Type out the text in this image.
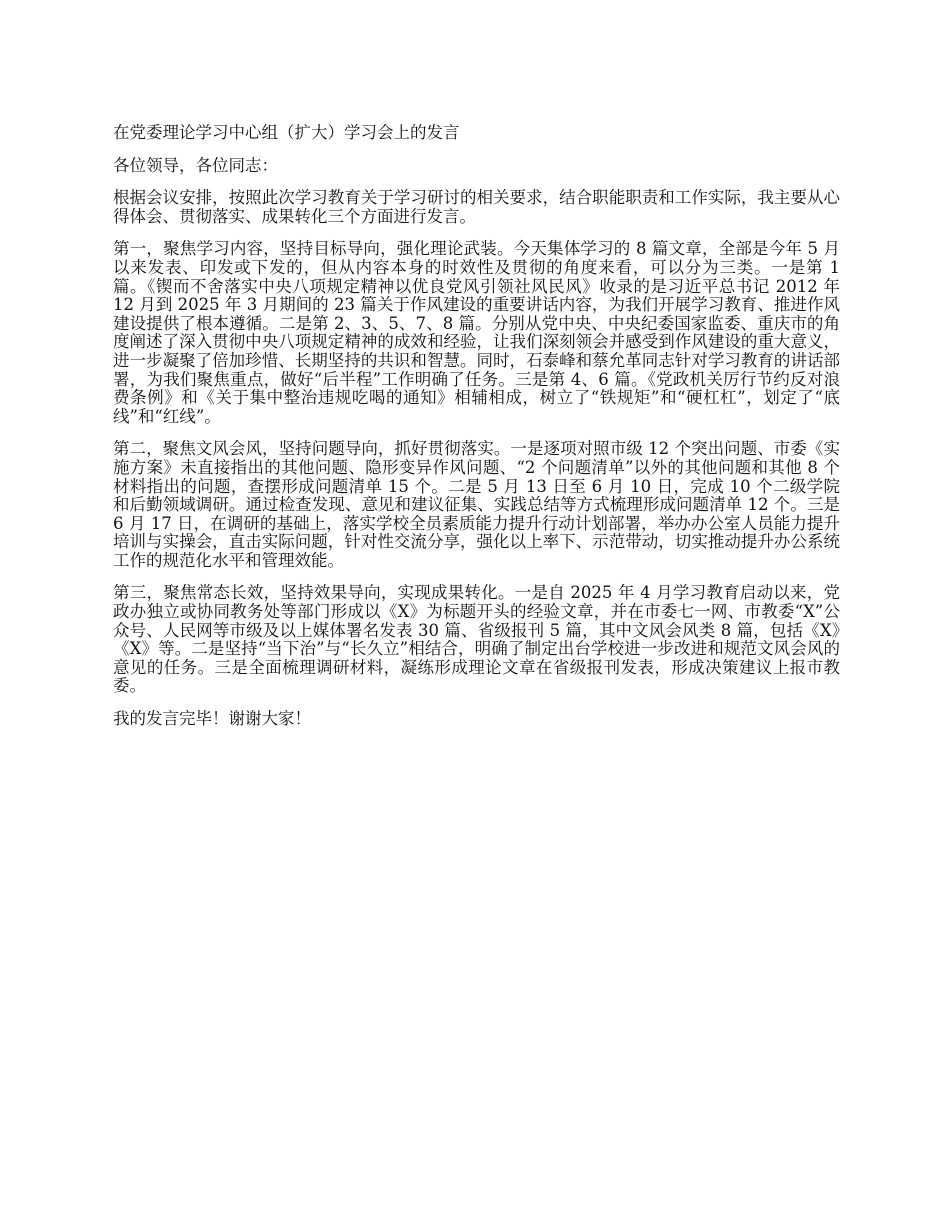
在党委理论学习中心组（扩大）学习会上的发言

各位领导，各位同志：

根据会议安排，按照此次学习教育关于学习研讨的相关要求，结合职能职责和工作实际，我主要从心得体会、贯彻落实、成果转化三个方面进行发言。

第一，聚焦学习内容，坚持目标导向，强化理论武装。今天集体学习的 8 篇文章，全部是今年 5 月以来发表、印发或下发的，但从内容本身的时效性及贯彻的角度来看，可以分为三类。一是第 1 篇。《锲而不舍落实中央八项规定精神以优良党风引领社风民风》收录的是习近平总书记 2012 年 12 月到 2025 年 3 月期间的 23 篇关于作风建设的重要讲话内容，为我们开展学习教育、推进作风建设提供了根本遵循。二是第 2、3、5、7、8 篇。分别从党中央、中央纪委国家监委、重庆市的角度阐述了深入贯彻中央八项规定精神的成效和经验，让我们深刻领会并感受到作风建设的重大意义，进一步凝聚了倍加珍惜、长期坚持的共识和智慧。同时，石泰峰和蔡允革同志针对学习教育的讲话部署，为我们聚焦重点，做好“后半程”工作明确了任务。三是第 4、6 篇。《党政机关厉行节约反对浪费条例》和《关于集中整治违规吃喝的通知》相辅相成，树立了“铁规矩”和“硬杠杠”，划定了“底线”和“红线”。

第二，聚焦文风会风，坚持问题导向，抓好贯彻落实。一是逐项对照市级 12 个突出问题、市委《实施方案》未直接指出的其他问题、隐形变异作风问题、“2 个问题清单”以外的其他问题和其他 8 个材料指出的问题，查摆形成问题清单 15 个。二是 5 月 13 日至 6 月 10 日，完成 10 个二级学院和后勤领域调研。通过检查发现、意见和建议征集、实践总结等方式梳理形成问题清单 12 个。三是 6 月 17 日，在调研的基础上，落实学校全员素质能力提升行动计划部署，举办办公室人员能力提升培训与实操会，直击实际问题，针对性交流分享，强化以上率下、示范带动，切实推动提升办公系统工作的规范化水平和管理效能。

第三，聚焦常态长效，坚持效果导向，实现成果转化。一是自 2025 年 4 月学习教育启动以来，党政办独立或协同教务处等部门形成以《X》为标题开头的经验文章，并在市委七一网、市教委“X”公众号、人民网等市级及以上媒体署名发表 30 篇、省级报刊 5 篇，其中文风会风类 8 篇，包括《X》《X》等。二是坚持“当下治”与“长久立”相结合，明确了制定出台学校进一步改进和规范文风会风的意见的任务。三是全面梳理调研材料，凝练形成理论文章在省级报刊发表，形成决策建议上报市教委。

我的发言完毕！谢谢大家！
